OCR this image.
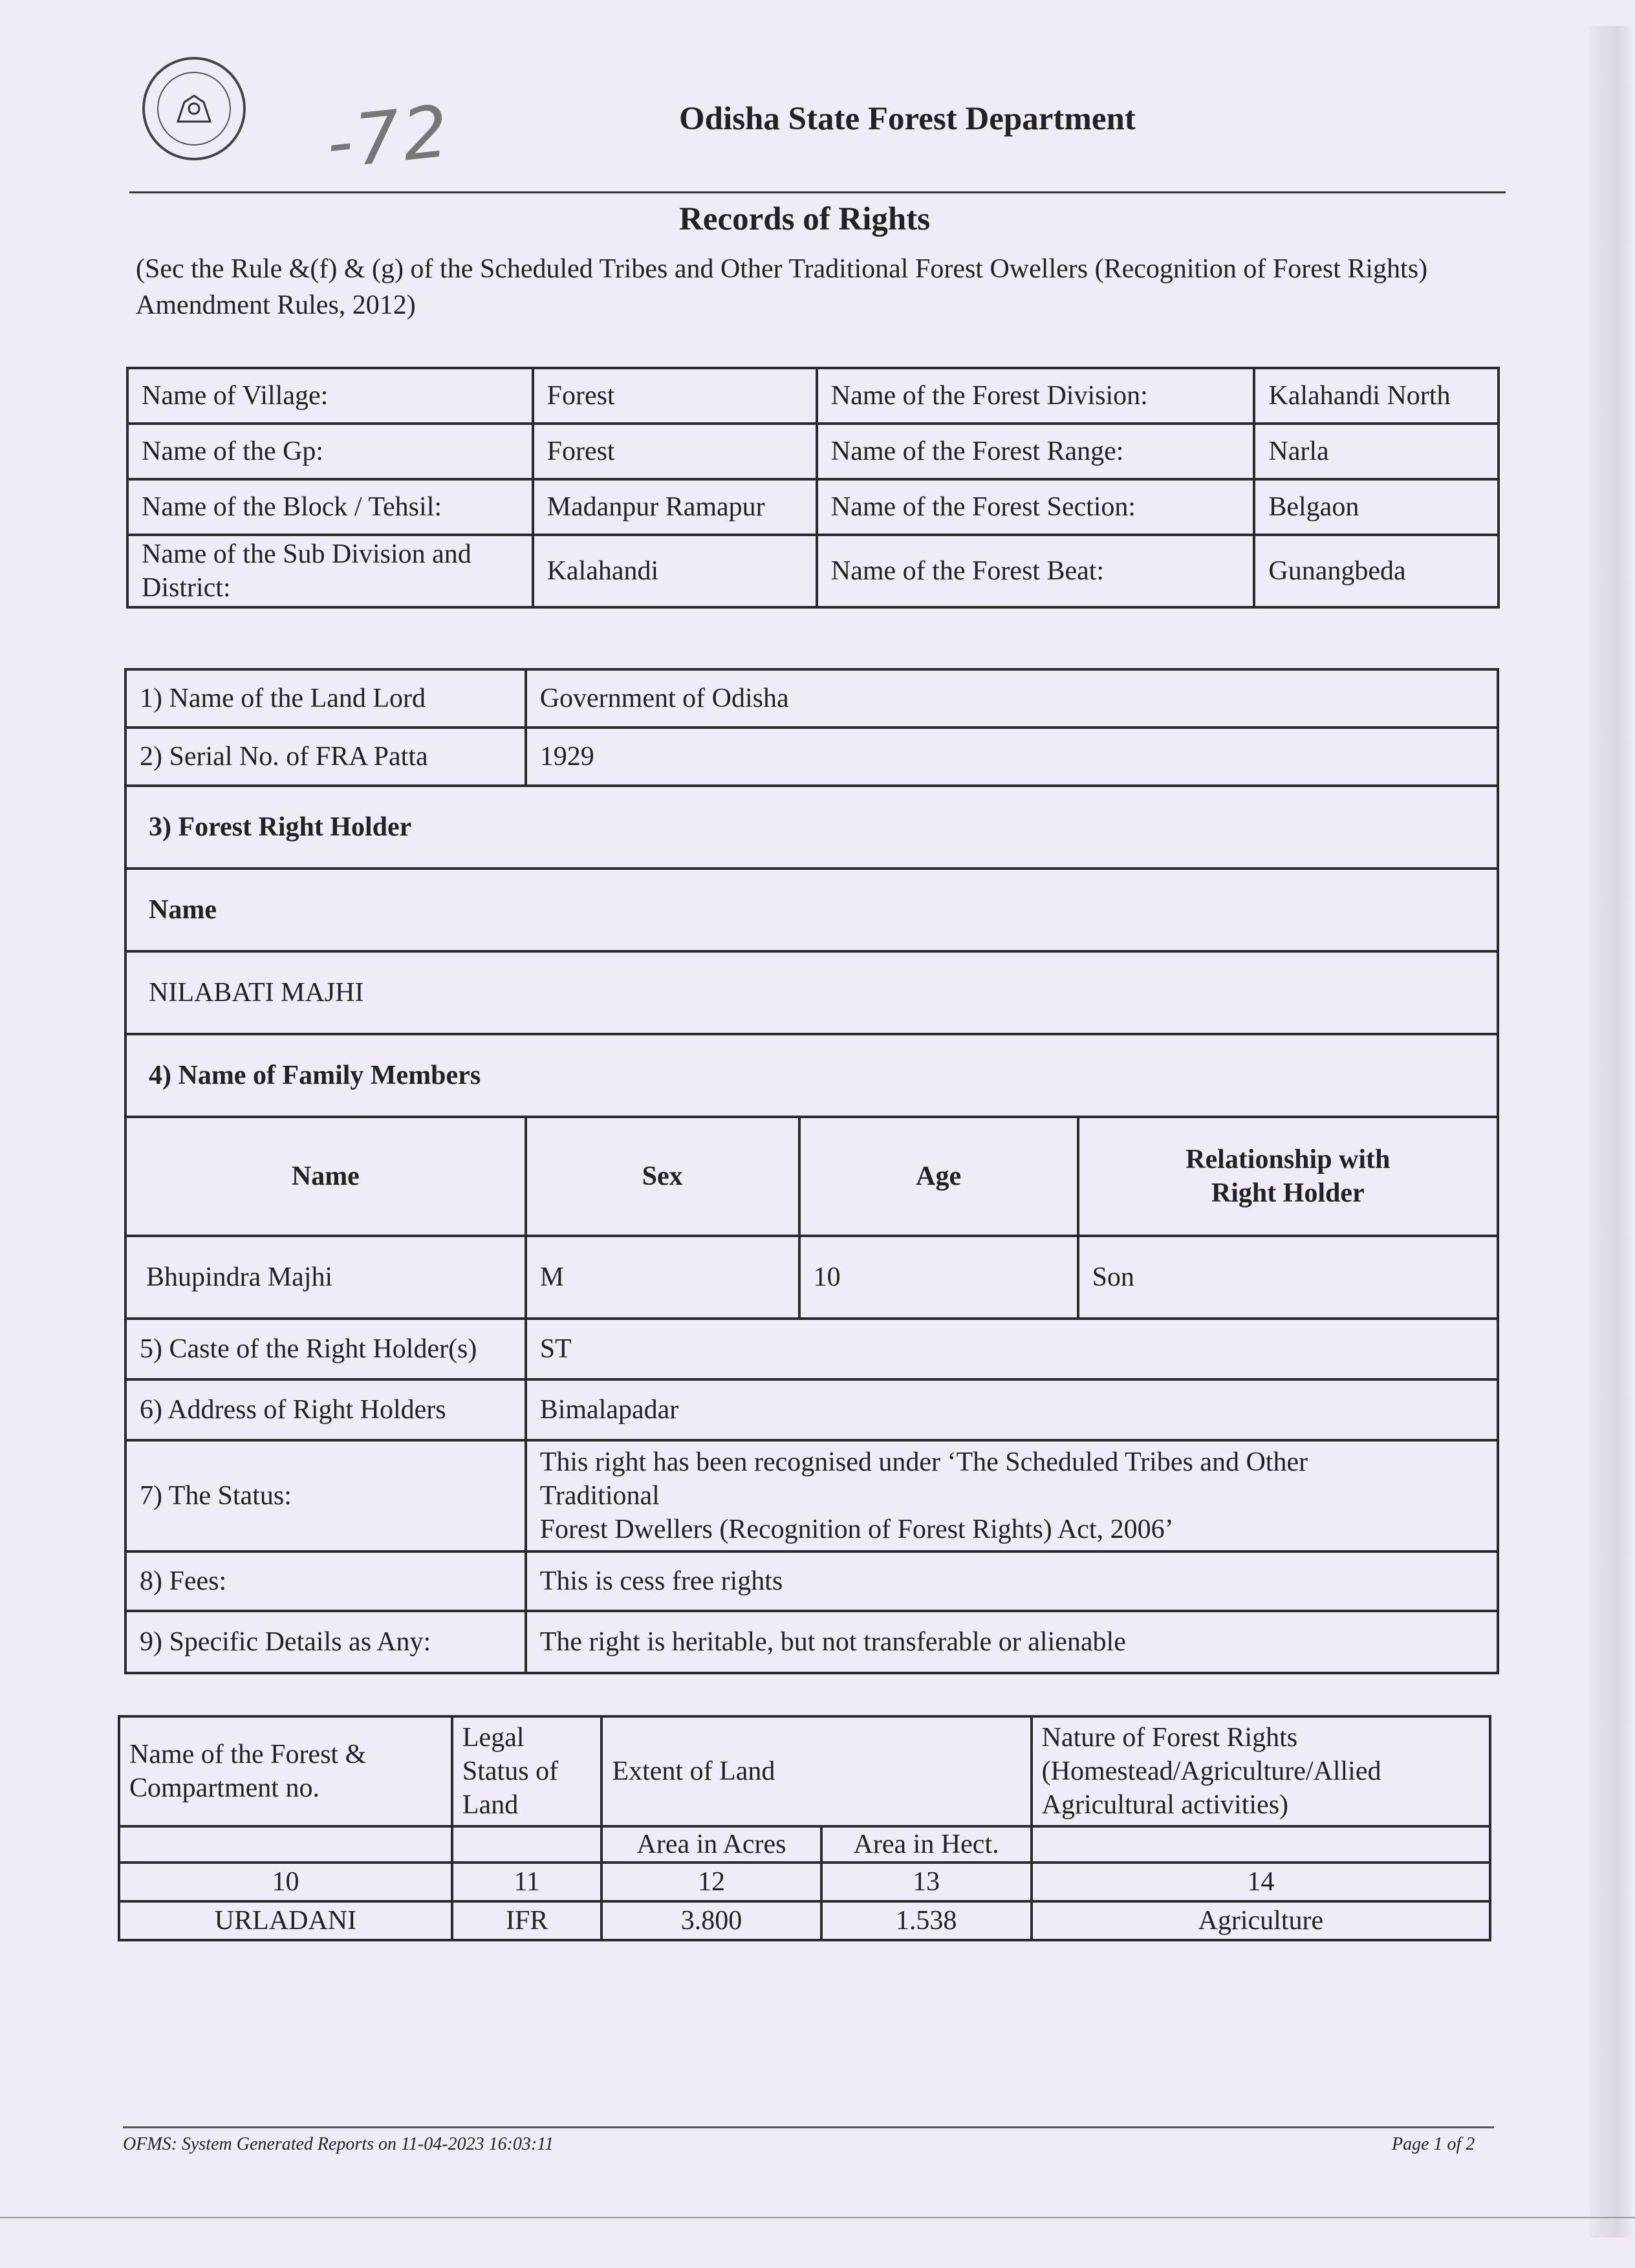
-72	Odisha State Forest Department
Records of Rights
(Sec the Rule &(f) & (g) of the Scheduled Tribes and Other Traditional Forest Owellers (Recognition of Forest Rights) Amendment Rules, 2012)
Name of Village:	Forest	Name of the Forest Division:	Kalahandi North
Name of the Gp:	Forest	Name of the Forest Range:	Narla
Name of the Block / Tehsil:	Madanpur Ramapur	Name of the Forest Section:	Belgaon
Name of the Sub Division and District:	Kalahandi	Name of the Forest Beat:	Gunangbeda
1) Name of the Land Lord	Government of Odisha		
2) Serial No. of FRA Patta	1929		
3) Forest Right Holder			
Name			
NILABATI MAJHI			
4) Name of Family Members			
Name	Sex	Age	Relationship with Right Holder
Bhupindra Majhi	M	10	Son
5) Caste of the Right Holder(s)	ST		
6) Address of Right Holders	Bimalapadar		
7) The Status:	This right has been recognised under ‘The Scheduled Tribes and Other
Traditional
Forest Dwellers (Recognition of Forest Rights) Act, 2006’		

8) Fees:	This is cess free rights		
9) Specific Details as Any:	The right is heritable, but not transferable or alienable		
Name of the Forest & Compartment no.	Legal Status of Land	Extent of Land		Nature of Forest Rights (Homestead/Agriculture/Allied Agricultural activities)
		Area in Acres	Area in Hect.	
10	11	12	13	14
URLADANI	IFR	3.800	1.538	Agriculture
OFMS: System Generated Reports on 11-04-2023 16:03:11	Page 1 of 2
